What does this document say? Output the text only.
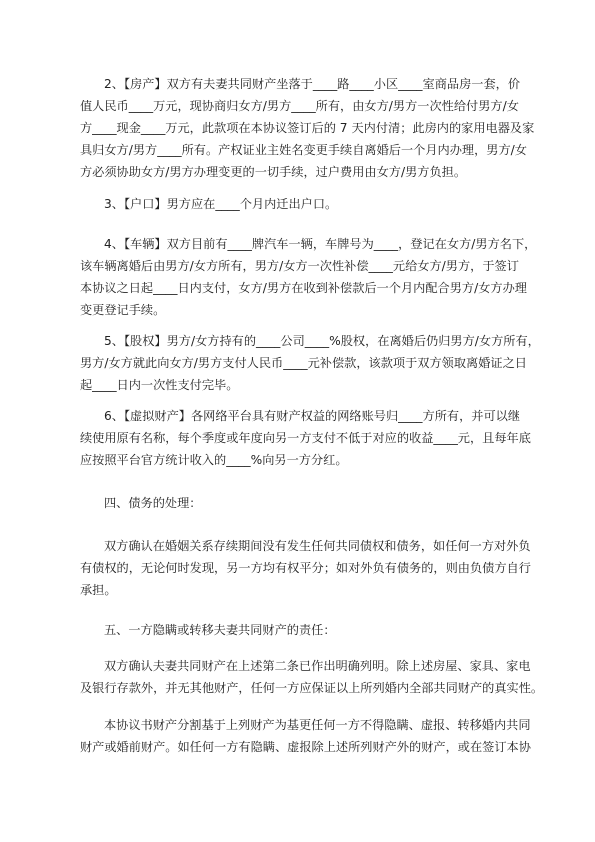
2、【房产】双方有夫妻共同财产坐落于____路____小区____室商品房一套，价
值人民币____万元，现协商归女方/男方____所有，由女方/男方一次性给付男方/女
方____现金____万元，此款项在本协议签订后的 7 天内付清；此房内的家用电器及家
具归女方/男方____所有。产权证业主姓名变更手续自离婚后一个月内办理，男方/女
方必须协助女方/男方办理变更的一切手续，过户费用由女方/男方负担。

3、【户口】男方应在____个月内迁出户口。

4、【车辆】双方目前有____牌汽车一辆，车牌号为____，登记在女方/男方名下，
该车辆离婚后由男方/女方所有，男方/女方一次性补偿____元给女方/男方，于签订
本协议之日起____日内支付，女方/男方在收到补偿款后一个月内配合男方/女方办理
变更登记手续。

5、【股权】男方/女方持有的____公司____%股权，在离婚后仍归男方/女方所有，
男方/女方就此向女方/男方支付人民币____元补偿款，该款项于双方领取离婚证之日
起____日内一次性支付完毕。

6、【虚拟财产】各网络平台具有财产权益的网络账号归____方所有，并可以继
续使用原有名称，每个季度或年度向另一方支付不低于对应的收益____元，且每年底
应按照平台官方统计收入的____%向另一方分红。

四、债务的处理：

双方确认在婚姻关系存续期间没有发生任何共同债权和债务，如任何一方对外负
有债权的，无论何时发现，另一方均有权平分；如对外负有债务的，则由负债方自行
承担。

五、一方隐瞒或转移夫妻共同财产的责任：

双方确认夫妻共同财产在上述第二条已作出明确列明。除上述房屋、家具、家电
及银行存款外，并无其他财产，任何一方应保证以上所列婚内全部共同财产的真实性。

本协议书财产分割基于上列财产为基更任何一方不得隐瞒、虚报、转移婚内共同
财产或婚前财产。如任何一方有隐瞒、虚报除上述所列财产外的财产，或在签订本协
